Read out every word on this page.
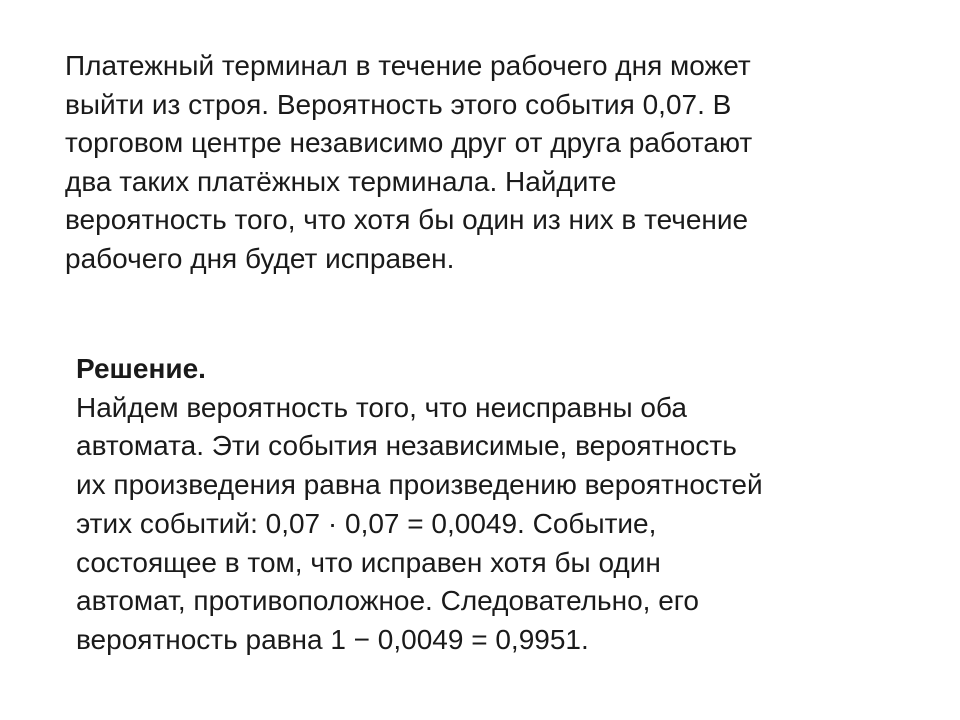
Платежный терминал в течение рабочего дня может
выйти из строя. Вероятность этого события 0,07. В
торговом центре независимо друг от друга работают
два таких платёжных терминала. Найдите
вероятность того, что хотя бы один из них в течение
рабочего дня будет исправен.
Решение.
Найдем вероятность того, что неисправны оба
автомата. Эти события независимые, вероятность
их произведения равна произведению вероятностей
этих событий: 0,07 · 0,07 = 0,0049. Событие,
состоящее в том, что исправен хотя бы один
автомат, противоположное. Следовательно, его
вероятность равна 1 − 0,0049 = 0,9951.
